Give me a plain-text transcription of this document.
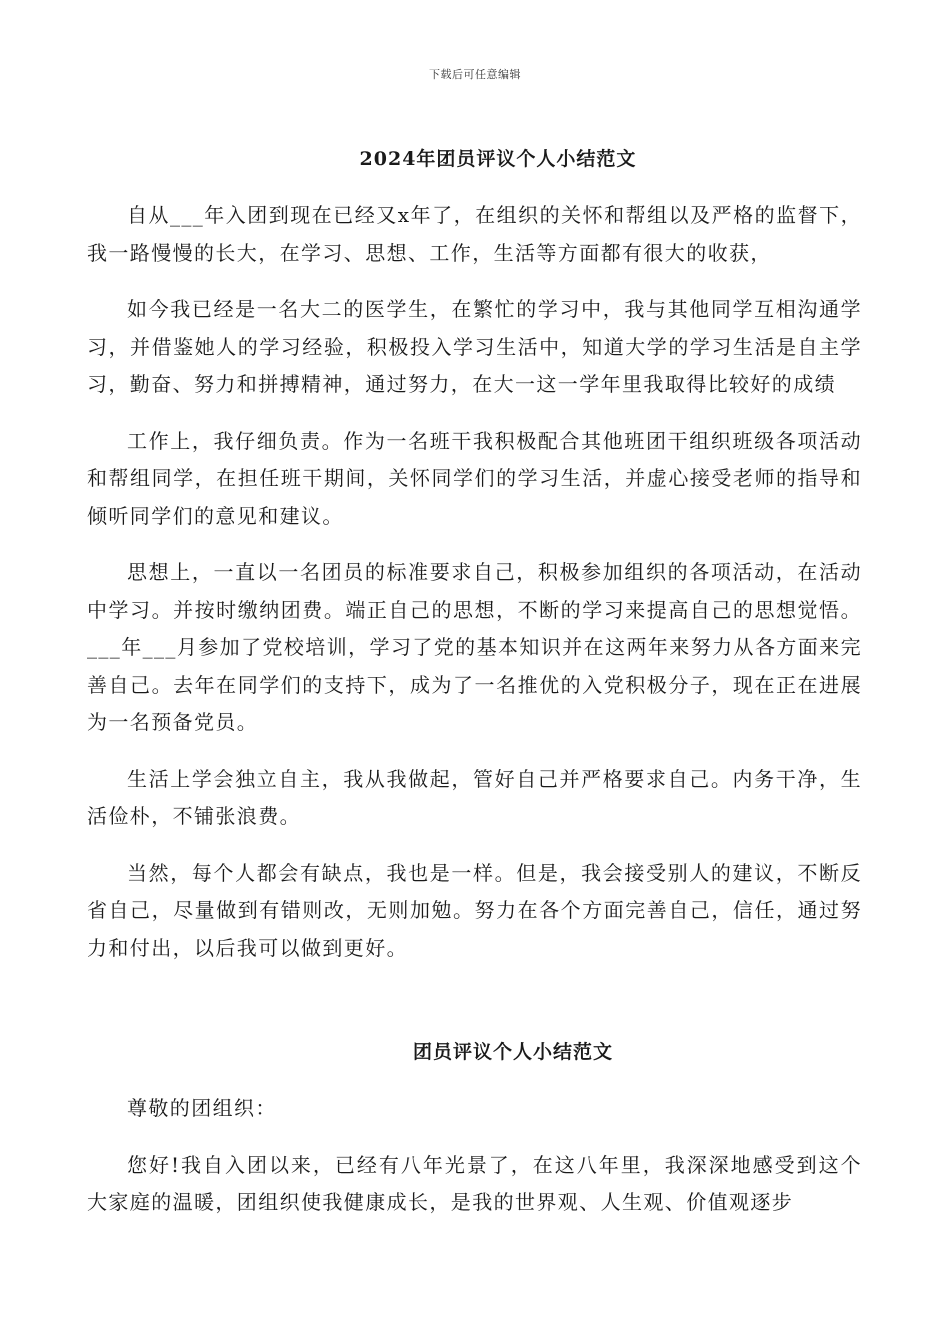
下载后可任意编辑
2024年团员评议个人小结范文

自从___年入团到现在已经又x年了，在组织的关怀和帮组以及严格的监督下，我一路慢慢的长大，在学习、思想、工作，生活等方面都有很大的收获，

如今我已经是一名大二的医学生，在繁忙的学习中，我与其他同学互相沟通学习，并借鉴她人的学习经验，积极投入学习生活中，知道大学的学习生活是自主学习，勤奋、努力和拼搏精神，通过努力，在大一这一学年里我取得比较好的成绩

工作上，我仔细负责。作为一名班干我积极配合其他班团干组织班级各项活动和帮组同学，在担任班干期间，关怀同学们的学习生活，并虚心接受老师的指导和倾听同学们的意见和建议。

思想上，一直以一名团员的标准要求自己，积极参加组织的各项活动，在活动中学习。并按时缴纳团费。端正自己的思想，不断的学习来提高自己的思想觉悟。___年___月参加了党校培训，学习了党的基本知识并在这两年来努力从各方面来完善自己。去年在同学们的支持下，成为了一名推优的入党积极分子，现在正在进展为一名预备党员。

生活上学会独立自主，我从我做起，管好自己并严格要求自己。内务干净，生活俭朴，不铺张浪费。

当然，每个人都会有缺点，我也是一样。但是，我会接受别人的建议，不断反省自己，尽量做到有错则改，无则加勉。努力在各个方面完善自己，信任，通过努力和付出，以后我可以做到更好。

团员评议个人小结范文

尊敬的团组织：

您好!我自入团以来，已经有八年光景了，在这八年里，我深深地感受到这个大家庭的温暖，团组织使我健康成长，是我的世界观、人生观、价值观逐步
